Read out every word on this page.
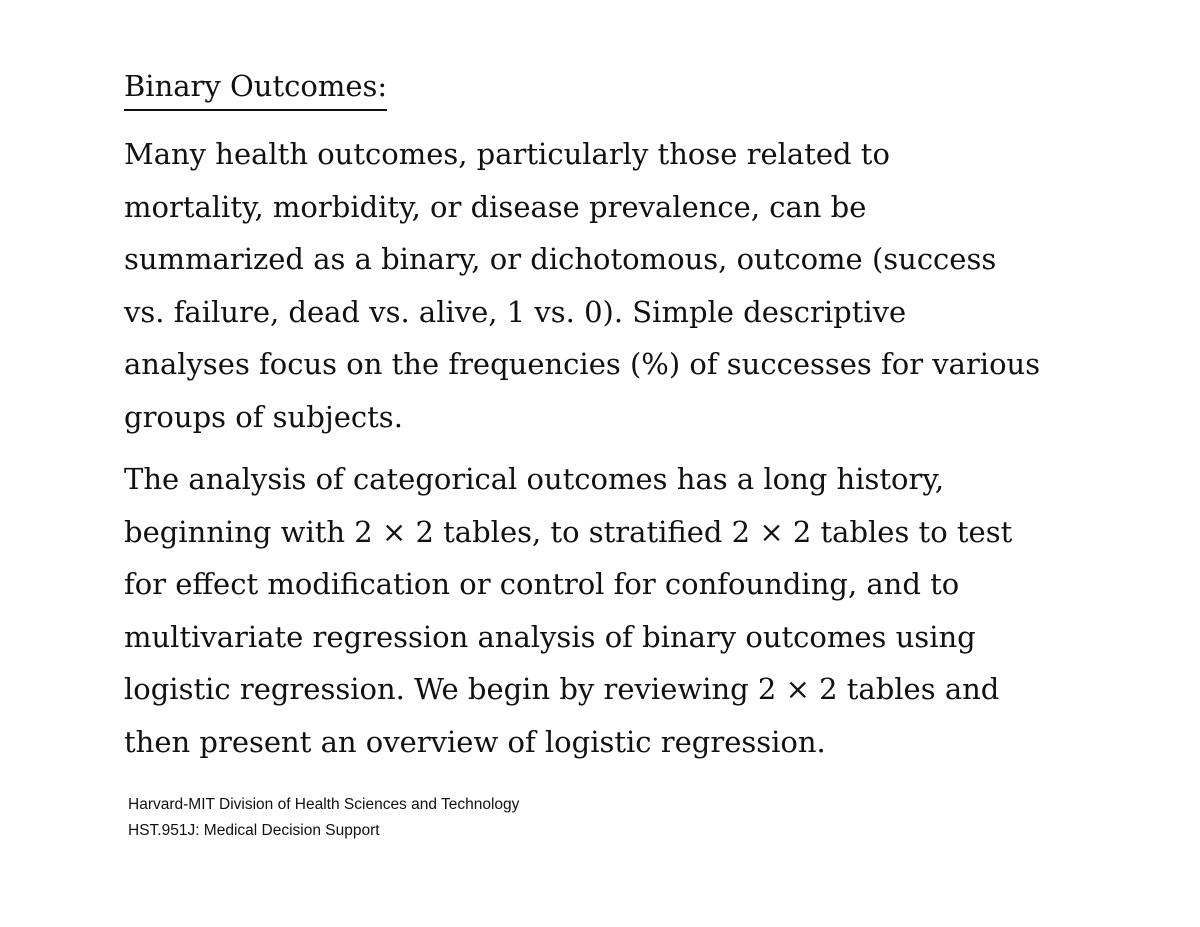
Binary Outcomes:

Many health outcomes, particularly those related to
mortality, morbidity, or disease prevalence, can be
summarized as a binary, or dichotomous, outcome (success
vs. failure, dead vs. alive, 1 vs. 0). Simple descriptive
analyses focus on the frequencies (%) of successes for various
groups of subjects.

The analysis of categorical outcomes has a long history,
beginning with 2 × 2 tables, to stratified 2 × 2 tables to test
for effect modification or control for confounding, and to
multivariate regression analysis of binary outcomes using
logistic regression. We begin by reviewing 2 × 2 tables and
then present an overview of logistic regression.

Harvard-MIT Division of Health Sciences and Technology
HST.951J: Medical Decision Support
